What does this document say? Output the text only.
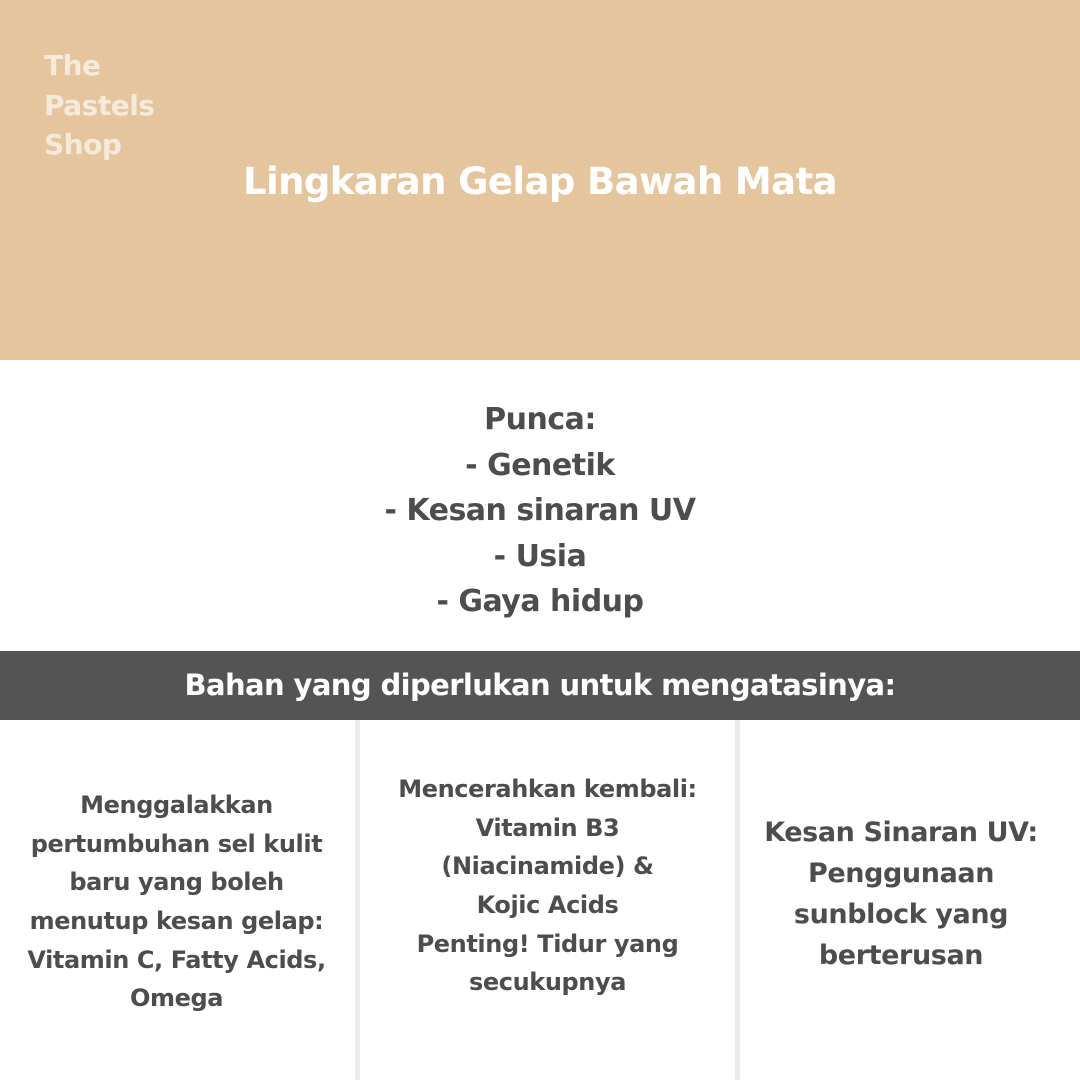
The
Pastels
Shop
Lingkaran Gelap Bawah Mata
Punca:
- Genetik
- Kesan sinaran UV
- Usia
- Gaya hidup
Bahan yang diperlukan untuk mengatasinya:
Menggalakkan
pertumbuhan sel kulit
baru yang boleh
menutup kesan gelap:
Vitamin C, Fatty Acids,
Omega
Mencerahkan kembali:
Vitamin B3
(Niacinamide) &
Kojic Acids
Penting! Tidur yang
secukupnya
Kesan Sinaran UV:
Penggunaan
sunblock yang
berterusan
